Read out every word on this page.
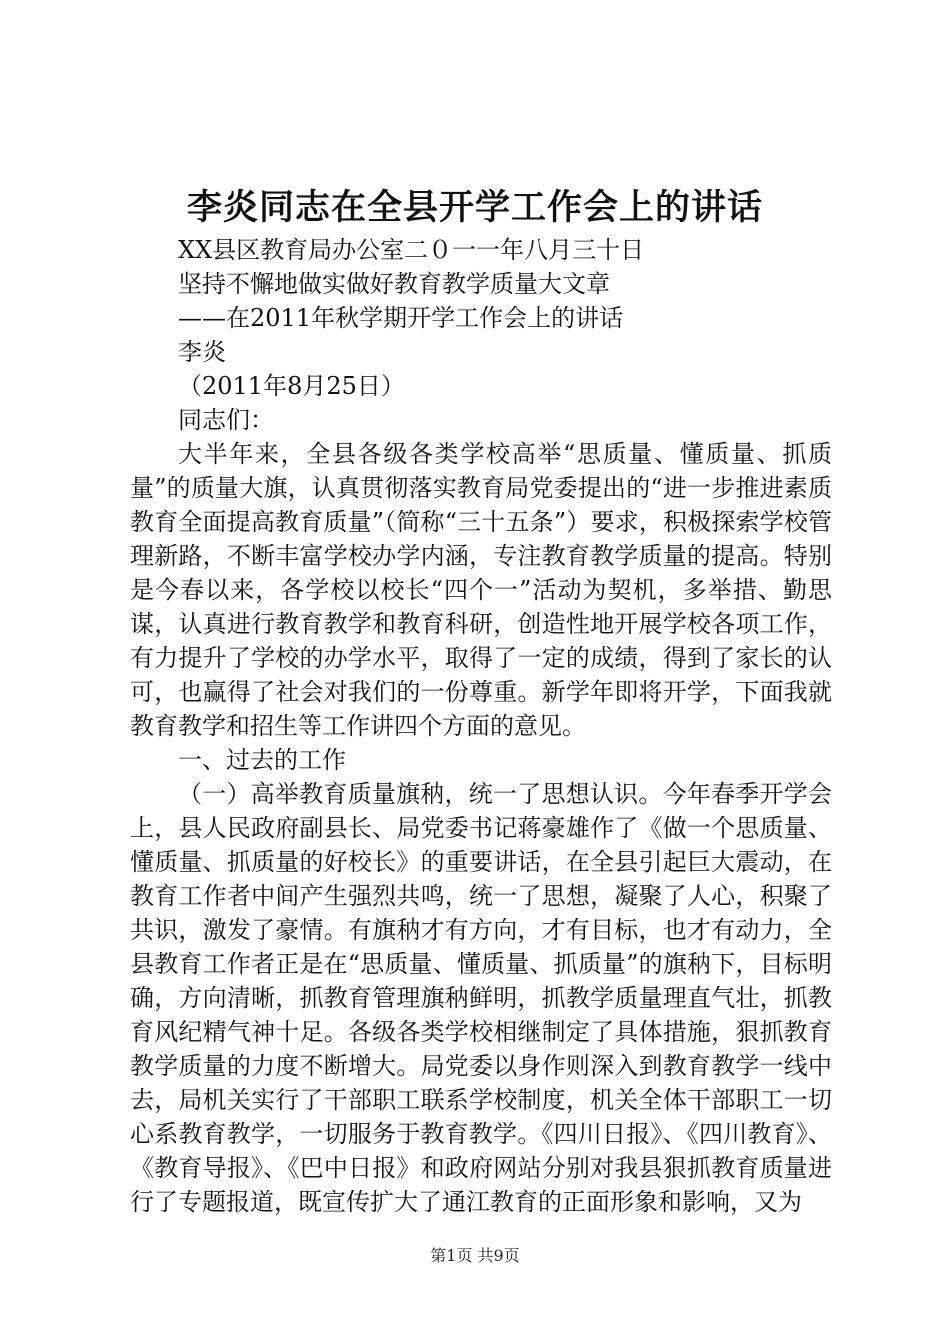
李炎同志在全县开学工作会上的讲话

XX县区教育局办公室二０一一年八月三十日

坚持不懈地做实做好教育教学质量大文章

——在2011年秋学期开学工作会上的讲话

李炎

（2011年8月25日）

同志们：

大半年来，全县各级各类学校高举“思质量、懂质量、抓质量”的质量大旗，认真贯彻落实教育局党委提出的“进一步推进素质教育全面提高教育质量”（简称“三十五条”）要求，积极探索学校管理新路，不断丰富学校办学内涵，专注教育教学质量的提高。特别是今春以来，各学校以校长“四个一”活动为契机，多举措、勤思谋，认真进行教育教学和教育科研，创造性地开展学校各项工作，有力提升了学校的办学水平，取得了一定的成绩，得到了家长的认可，也赢得了社会对我们的一份尊重。新学年即将开学，下面我就教育教学和招生等工作讲四个方面的意见。

一、过去的工作

（一）高举教育质量旗䄲，统一了思想认识。今年春季开学会上，县人民政府副县长、局党委书记蒋豪雄作了《做一个思质量、懂质量、抓质量的好校长》的重要讲话，在全县引起巨大震动，在教育工作者中间产生强烈共鸣，统一了思想，凝聚了人心，积聚了共识，激发了豪情。有旗䄲才有方向，才有目标，也才有动力，全县教育工作者正是在“思质量、懂质量、抓质量”的旗䄲下，目标明确，方向清晰，抓教育管理旗䄲鲜明，抓教学质量理直气壮，抓教育风纪精气神十足。各级各类学校相继制定了具体措施，狠抓教育教学质量的力度不断增大。局党委以身作则深入到教育教学一线中去，局机关实行了干部职工联系学校制度，机关全体干部职工一切心系教育教学，一切服务于教育教学。《四川日报》、《四川教育》、《教育导报》、《巴中日报》和政府网站分别对我县狠抓教育质量进行了专题报道，既宣传扩大了通江教育的正面形象和影响，又为

第1页 共9页
